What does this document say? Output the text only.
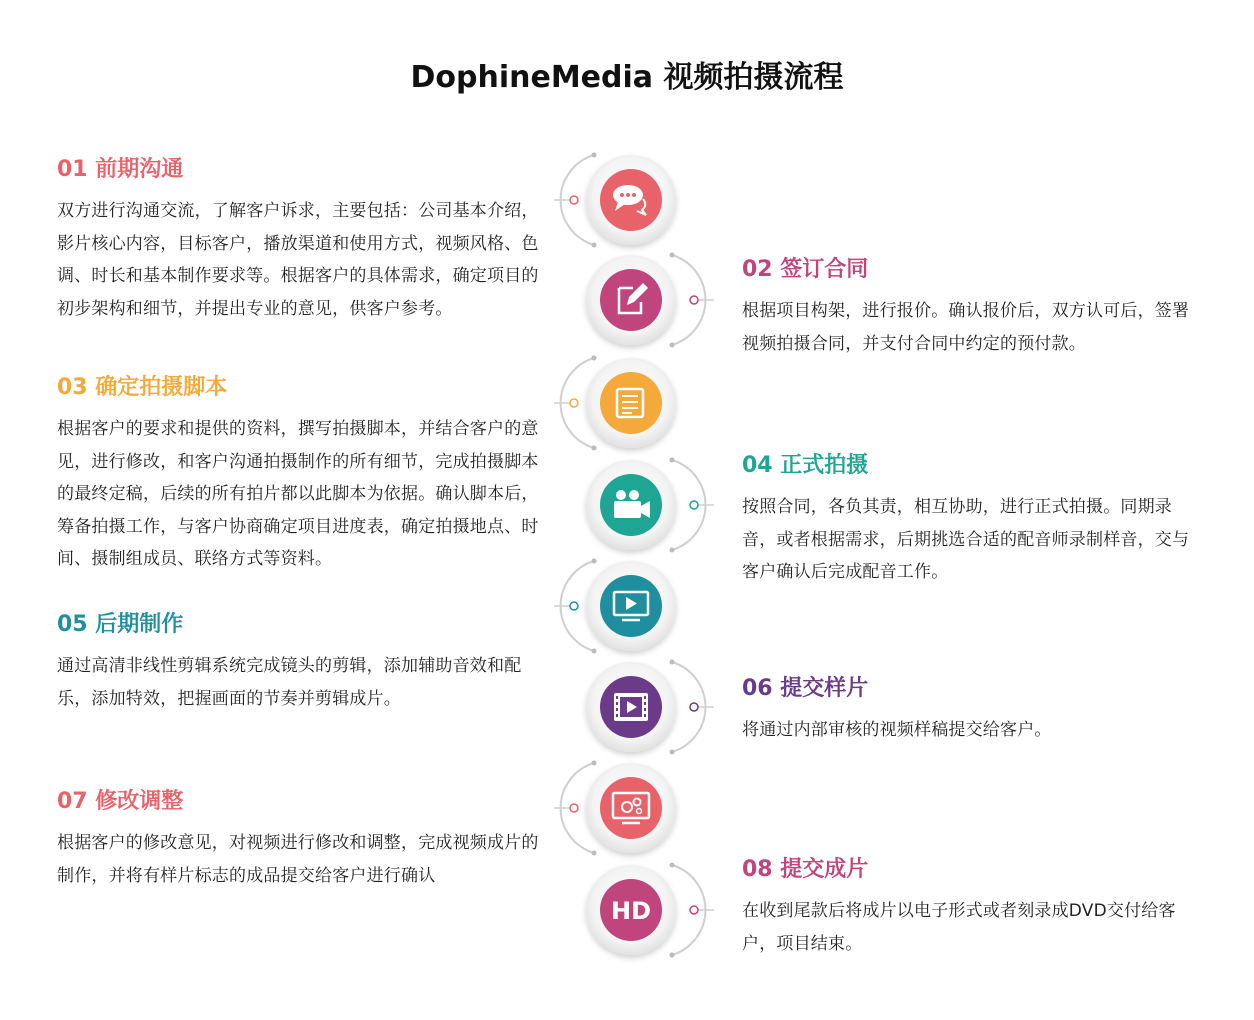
DophineMedia 视频拍摄流程
01 前期沟通

双方进行沟通交流，了解客户诉求，主要包括：公司基本介绍，影片核心内容，目标客户，播放渠道和使用方式，视频风格、色调、时长和基本制作要求等。根据客户的具体需求，确定项目的初步架构和细节，并提出专业的意见，供客户参考。

02 签订合同

根据项目构架，进行报价。确认报价后，双方认可后，签署视频拍摄合同，并支付合同中约定的预付款。

03 确定拍摄脚本

根据客户的要求和提供的资料，撰写拍摄脚本，并结合客户的意见，进行修改，和客户沟通拍摄制作的所有细节，完成拍摄脚本的最终定稿，后续的所有拍片都以此脚本为依据。确认脚本后，筹备拍摄工作，与客户协商确定项目进度表，确定拍摄地点、时间、摄制组成员、联络方式等资料。

04 正式拍摄

按照合同，各负其责，相互协助，进行正式拍摄。同期录音，或者根据需求，后期挑选合适的配音师录制样音，交与客户确认后完成配音工作。

05 后期制作

通过高清非线性剪辑系统完成镜头的剪辑，添加辅助音效和配乐，添加特效，把握画面的节奏并剪辑成片。	06 提交样片

将通过内部审核的视频样稿提交给客户。

07 修改调整

根据客户的修改意见，对视频进行修改和调整，完成视频成片的制作，并将有样片标志的成品提交给客户进行确认	08 提交成片

在收到尾款后将成片以电子形式或者刻录成DVD交付给客户，项目结束。

HD
